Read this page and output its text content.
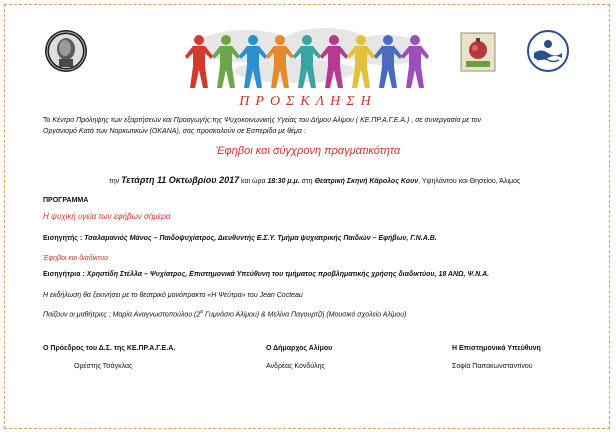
ΠΡΟΣΚΛΗΣΗ
Το Κέντρο Πρόληψης των εξαρτήσεων και Προαγωγής της Ψυχοκοινωνικής Υγείας του Δήμου Αλίμου ( ΚΕ.ΠΡ.Α.Γ.Ε.Α.) , σε συνεργασία με τον
Οργανισμό Κατά των Ναρκωτικών (ΟΚΑΝΑ), σας προσκαλούν σε Εσπερίδα με θέμα :
Έφηβοι και σύγχρονη πραγματικότητα
την Τετάρτη 11 Οκτωβρίου 2017 και ώρα 18:30 μ.μ. στη Θεατρική Σκηνή Κάρολος Κουν, Υψηλάντου και Θησείου, Άλιμος
ΠΡΟΓΡΑΜΜΑ
Η ψυχική υγεία των εφήβων σήμερα
Εισηγητής : Τσαλαμανιός Μάνος – Παιδοψυχίατρος, Διευθυντής Ε.Σ.Υ. Τμήμα ψυχιατρικής Παιδιών – Εφήβων, Γ.Ν.Α.Β.
Έφηβοι και διαδίκτυο
Εισηγήτρια : Χρηστίδη Στέλλα – Ψυχίατρος, Επιστημονικά Υπεύθυνη του τμήματος προβληματικής χρήσης διαδικτύου, 18 ΑΝΩ, Ψ.Ν.Α.
Η εκδήλωση θα ξεκινήσει με το θεατρικό μονόπρακτο «Η Ψεύτρα» του Jean Cocteau
Παίζουν οι μαθήτριες : Μαρία Αναγνωστοπούλου ($2^o$ Γυμνάσιο Αλίμου) & Μελίνα Παγουρτζή (Μουσικό σχολείο Αλίμου)
Ο Πρόεδρος του Δ.Σ. της ΚΕ.ΠΡ.Α.Γ.Ε.Α.
Ορέστης Τσάγκλας
Ο Δήμαρχος Αλίμου
Ανδρέας Κονδύλης
Η Επιστημονικά Υπεύθυνη
Σοφία Παπακωνσταντίνου
